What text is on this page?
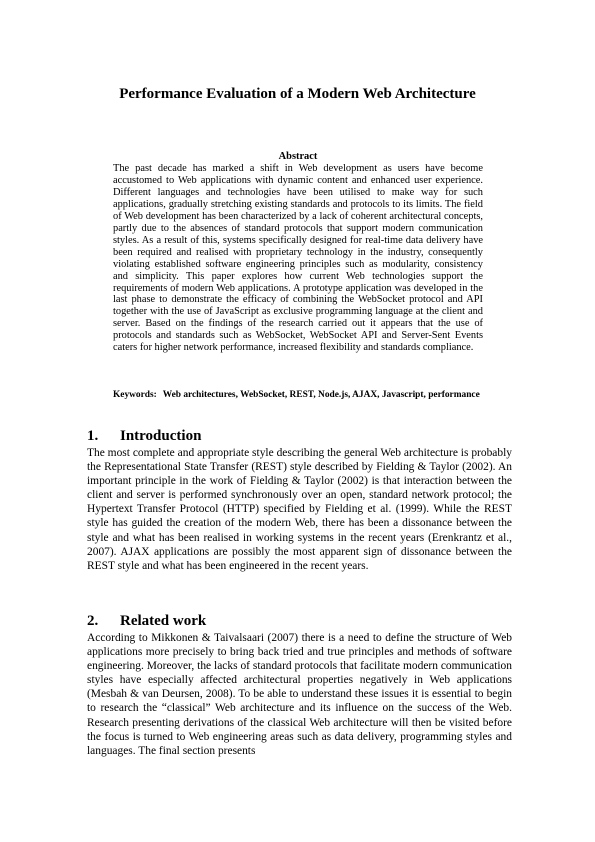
Performance Evaluation of a Modern Web Architecture
Abstract
The past decade has marked a shift in Web development as users have become accustomed to Web applications with dynamic content and enhanced user experience. Different languages and technologies have been utilised to make way for such applications, gradually stretching existing standards and protocols to its limits. The field of Web development has been characterized by a lack of coherent architectural concepts, partly due to the absences of standard protocols that support modern communication styles. As a result of this, systems specifically designed for real-time data delivery have been required and realised with proprietary technology in the industry, consequently violating established software engineering principles such as modularity, consistency and simplicity. This paper explores how current Web technologies support the requirements of modern Web applications. A prototype application was developed in the last phase to demonstrate the efficacy of combining the WebSocket protocol and API together with the use of JavaScript as exclusive programming language at the client and server. Based on the findings of the research carried out it appears that the use of protocols and standards such as WebSocket, WebSocket API and Server-Sent Events caters for higher network performance, increased flexibility and standards compliance.
Keywords: Web architectures, WebSocket, REST, Node.js, AJAX, Javascript, performance
1.	Introduction

The most complete and appropriate style describing the general Web architecture is probably the Representational State Transfer (REST) style described by Fielding & Taylor (2002). An important principle in the work of Fielding & Taylor (2002) is that interaction between the client and server is performed synchronously over an open, standard network protocol; the Hypertext Transfer Protocol (HTTP) specified by Fielding et al. (1999). While the REST style has guided the creation of the modern Web, there has been a dissonance between the style and what has been realised in working systems in the recent years (Erenkrantz et al., 2007). AJAX applications are possibly the most apparent sign of dissonance between the REST style and what has been engineered in the recent years.

2.	Related work

According to Mikkonen & Taivalsaari (2007) there is a need to define the structure of Web applications more precisely to bring back tried and true principles and methods of software engineering. Moreover, the lacks of standard protocols that facilitate modern communication styles have especially affected architectural properties negatively in Web applications (Mesbah & van Deursen, 2008). To be able to understand these issues it is essential to begin to research the “classical” Web architecture and its influence on the success of the Web. Research presenting derivations of the classical Web architecture will then be visited before the focus is turned to Web engineering areas such as data delivery, programming styles and languages. The final section presents
